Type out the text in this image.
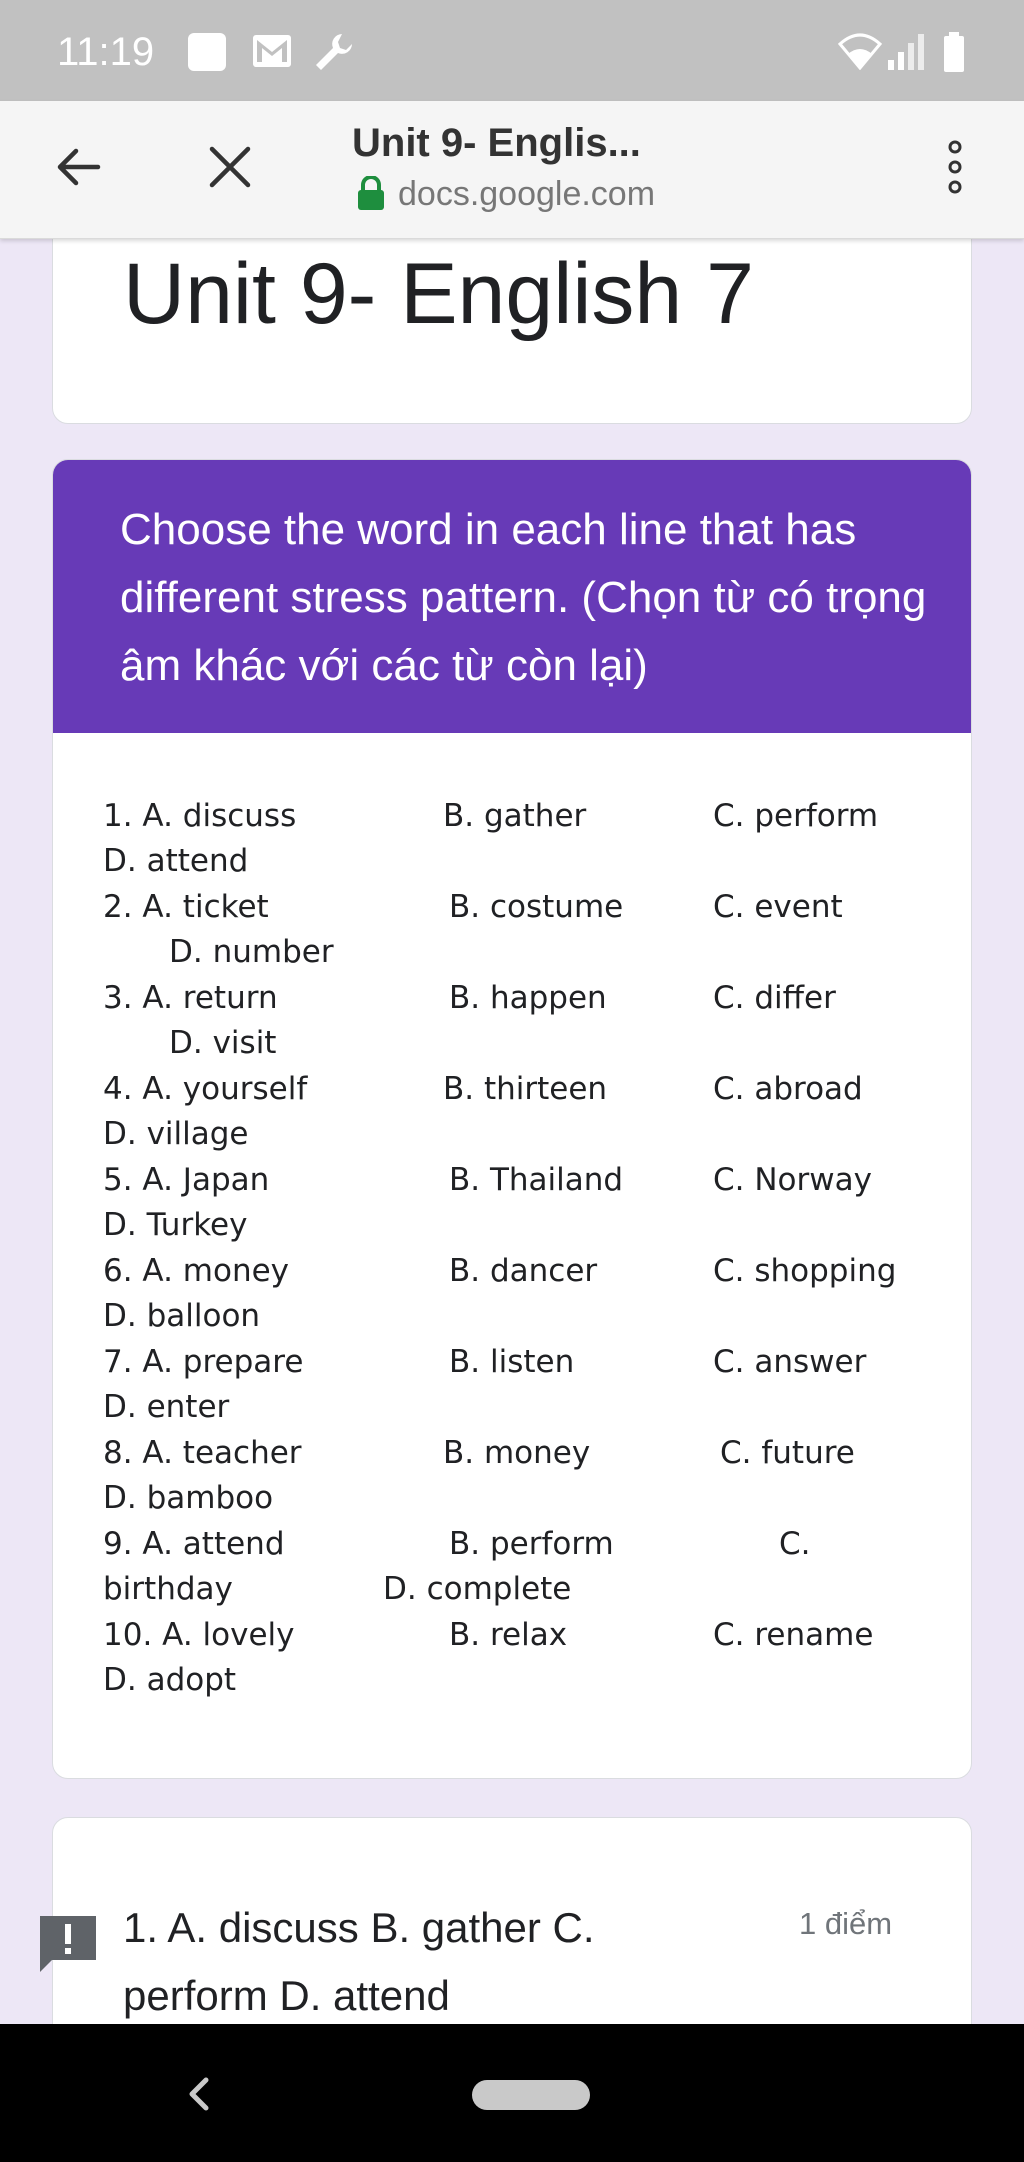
11:19
Unit 9- Englis...
docs.google.com
Unit 9- English 7
Choose the word in each line that has different stress pattern. (Chọn từ có trọng âm khác với các từ còn lại)
1. A. discuss	B. gather	C. perform
D. attend
2. A. ticket	B. costume	C. event
D. number
3. A. return	B. happen	C. differ
D. visit
4. A. yourself	B. thirteen	C. abroad
D. village
5. A. Japan	B. Thailand	C. Norway
D. Turkey
6. A. money	B. dancer	C. shopping
D. balloon
7. A. prepare	B. listen	C. answer
D. enter
8. A. teacher	B. money	C. future
D. bamboo
9. A. attend	B. perform	C.
birthday	D. complete
10. A. lovely	B. relax	C. rename
D. adopt
1. A. discuss B. gather C. perform D. attend
1 điểm
